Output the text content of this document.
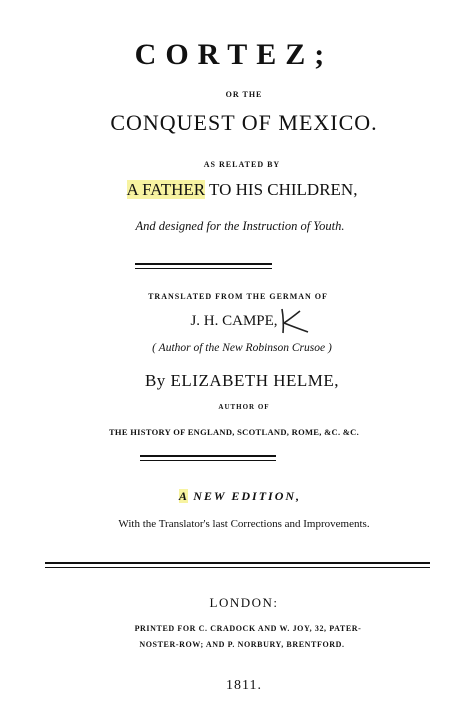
CORTEZ;
OR THE
CONQUEST OF MEXICO.
AS RELATED BY
A FATHER TO HIS CHILDREN,
And designed for the Instruction of Youth.
TRANSLATED FROM THE GERMAN OF
J. H. CAMPE,
( Author of the New Robinson Crusoe )
By ELIZABETH HELME,
AUTHOR OF
THE HISTORY OF ENGLAND, SCOTLAND, ROME, &C. &C.
A NEW EDITION,
With the Translator's last Corrections and Improvements.
LONDON:
PRINTED FOR C. CRADOCK AND W. JOY, 32, PATER-
NOSTER-ROW; AND P. NORBURY, BRENTFORD.
1811.
